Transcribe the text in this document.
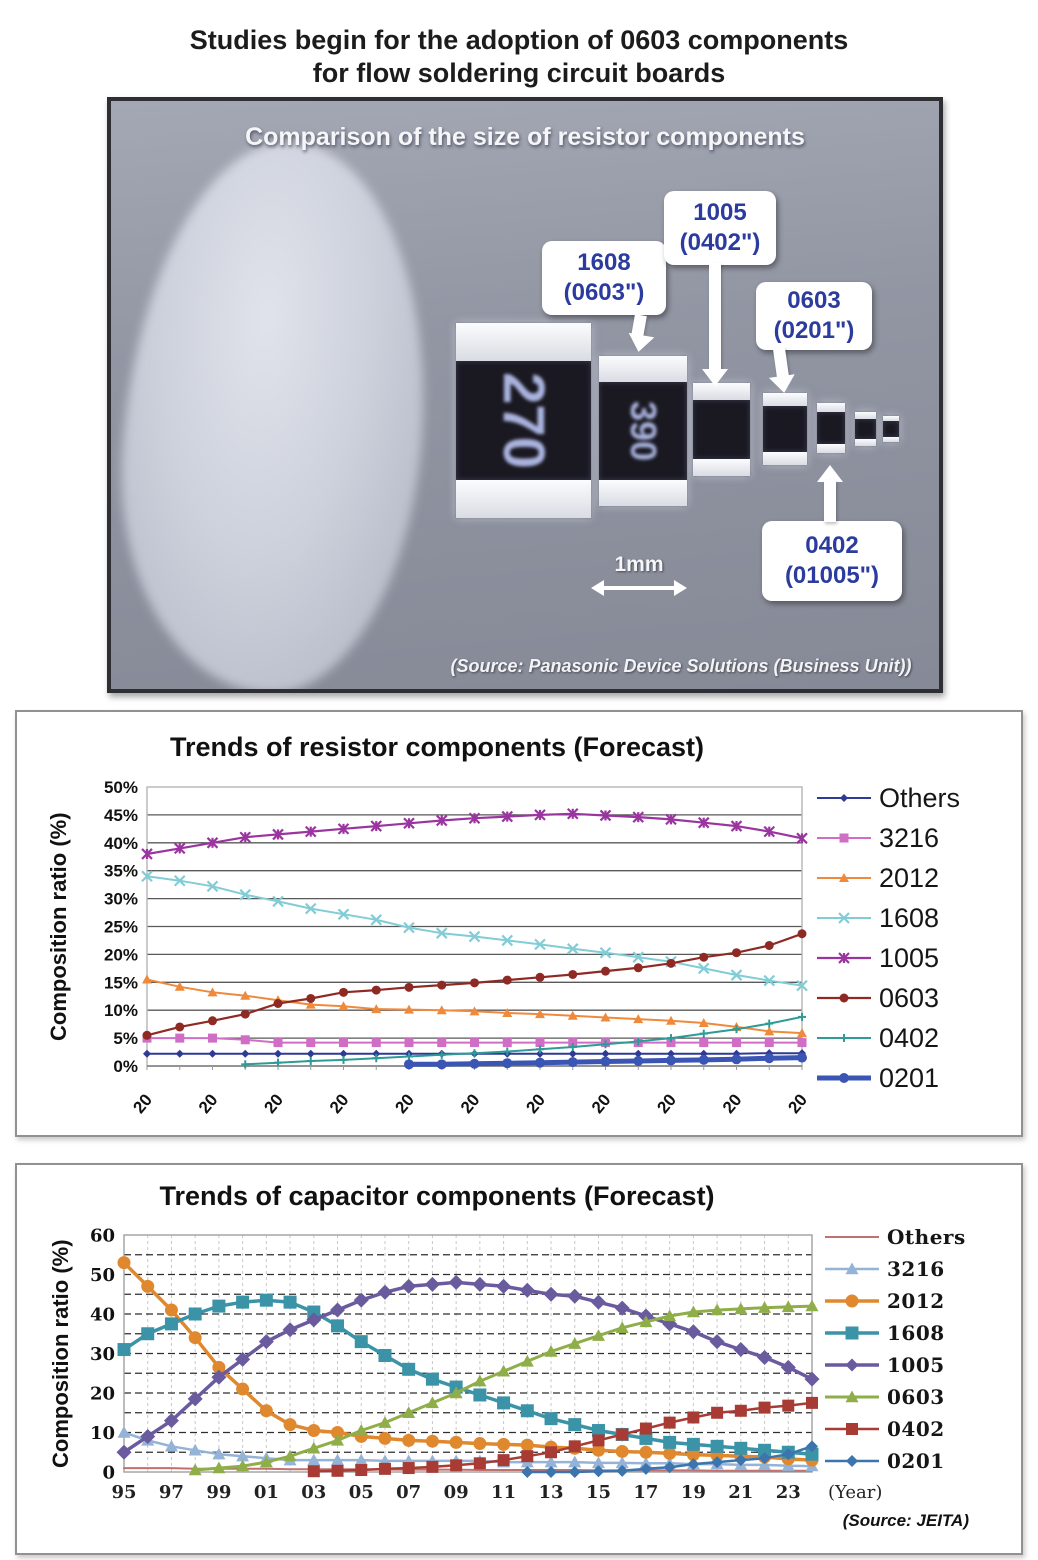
Studies begin for the adoption of 0603 components
for flow soldering circuit boards
Comparison of the size of resistor components
270	390
1608
(0603")
1005
(0402")
0603
(0201")
0402
(01005")
1mm
(Source: Panasonic Device Solutions (Business Unit))
Trends of resistor components (Forecast)
Composition ratio (%)
0%
5%
10%
15%
20%
25%
30%
35%
40%
45%
50%
20 20 20 20 20 20 20 20 20 20 20
Others
3216
2012
1608
1005
0603
0402
0201
Trends of capacitor components (Forecast)
Composition ratio (%)
0
10
20
30
40
50
60
95 97 99 01 03 05 07 09 11 13 15 17 19 21 23 (Year)
Others
3216
2012
1608
1005
0603
0402
0201
(Source: JEITA)
